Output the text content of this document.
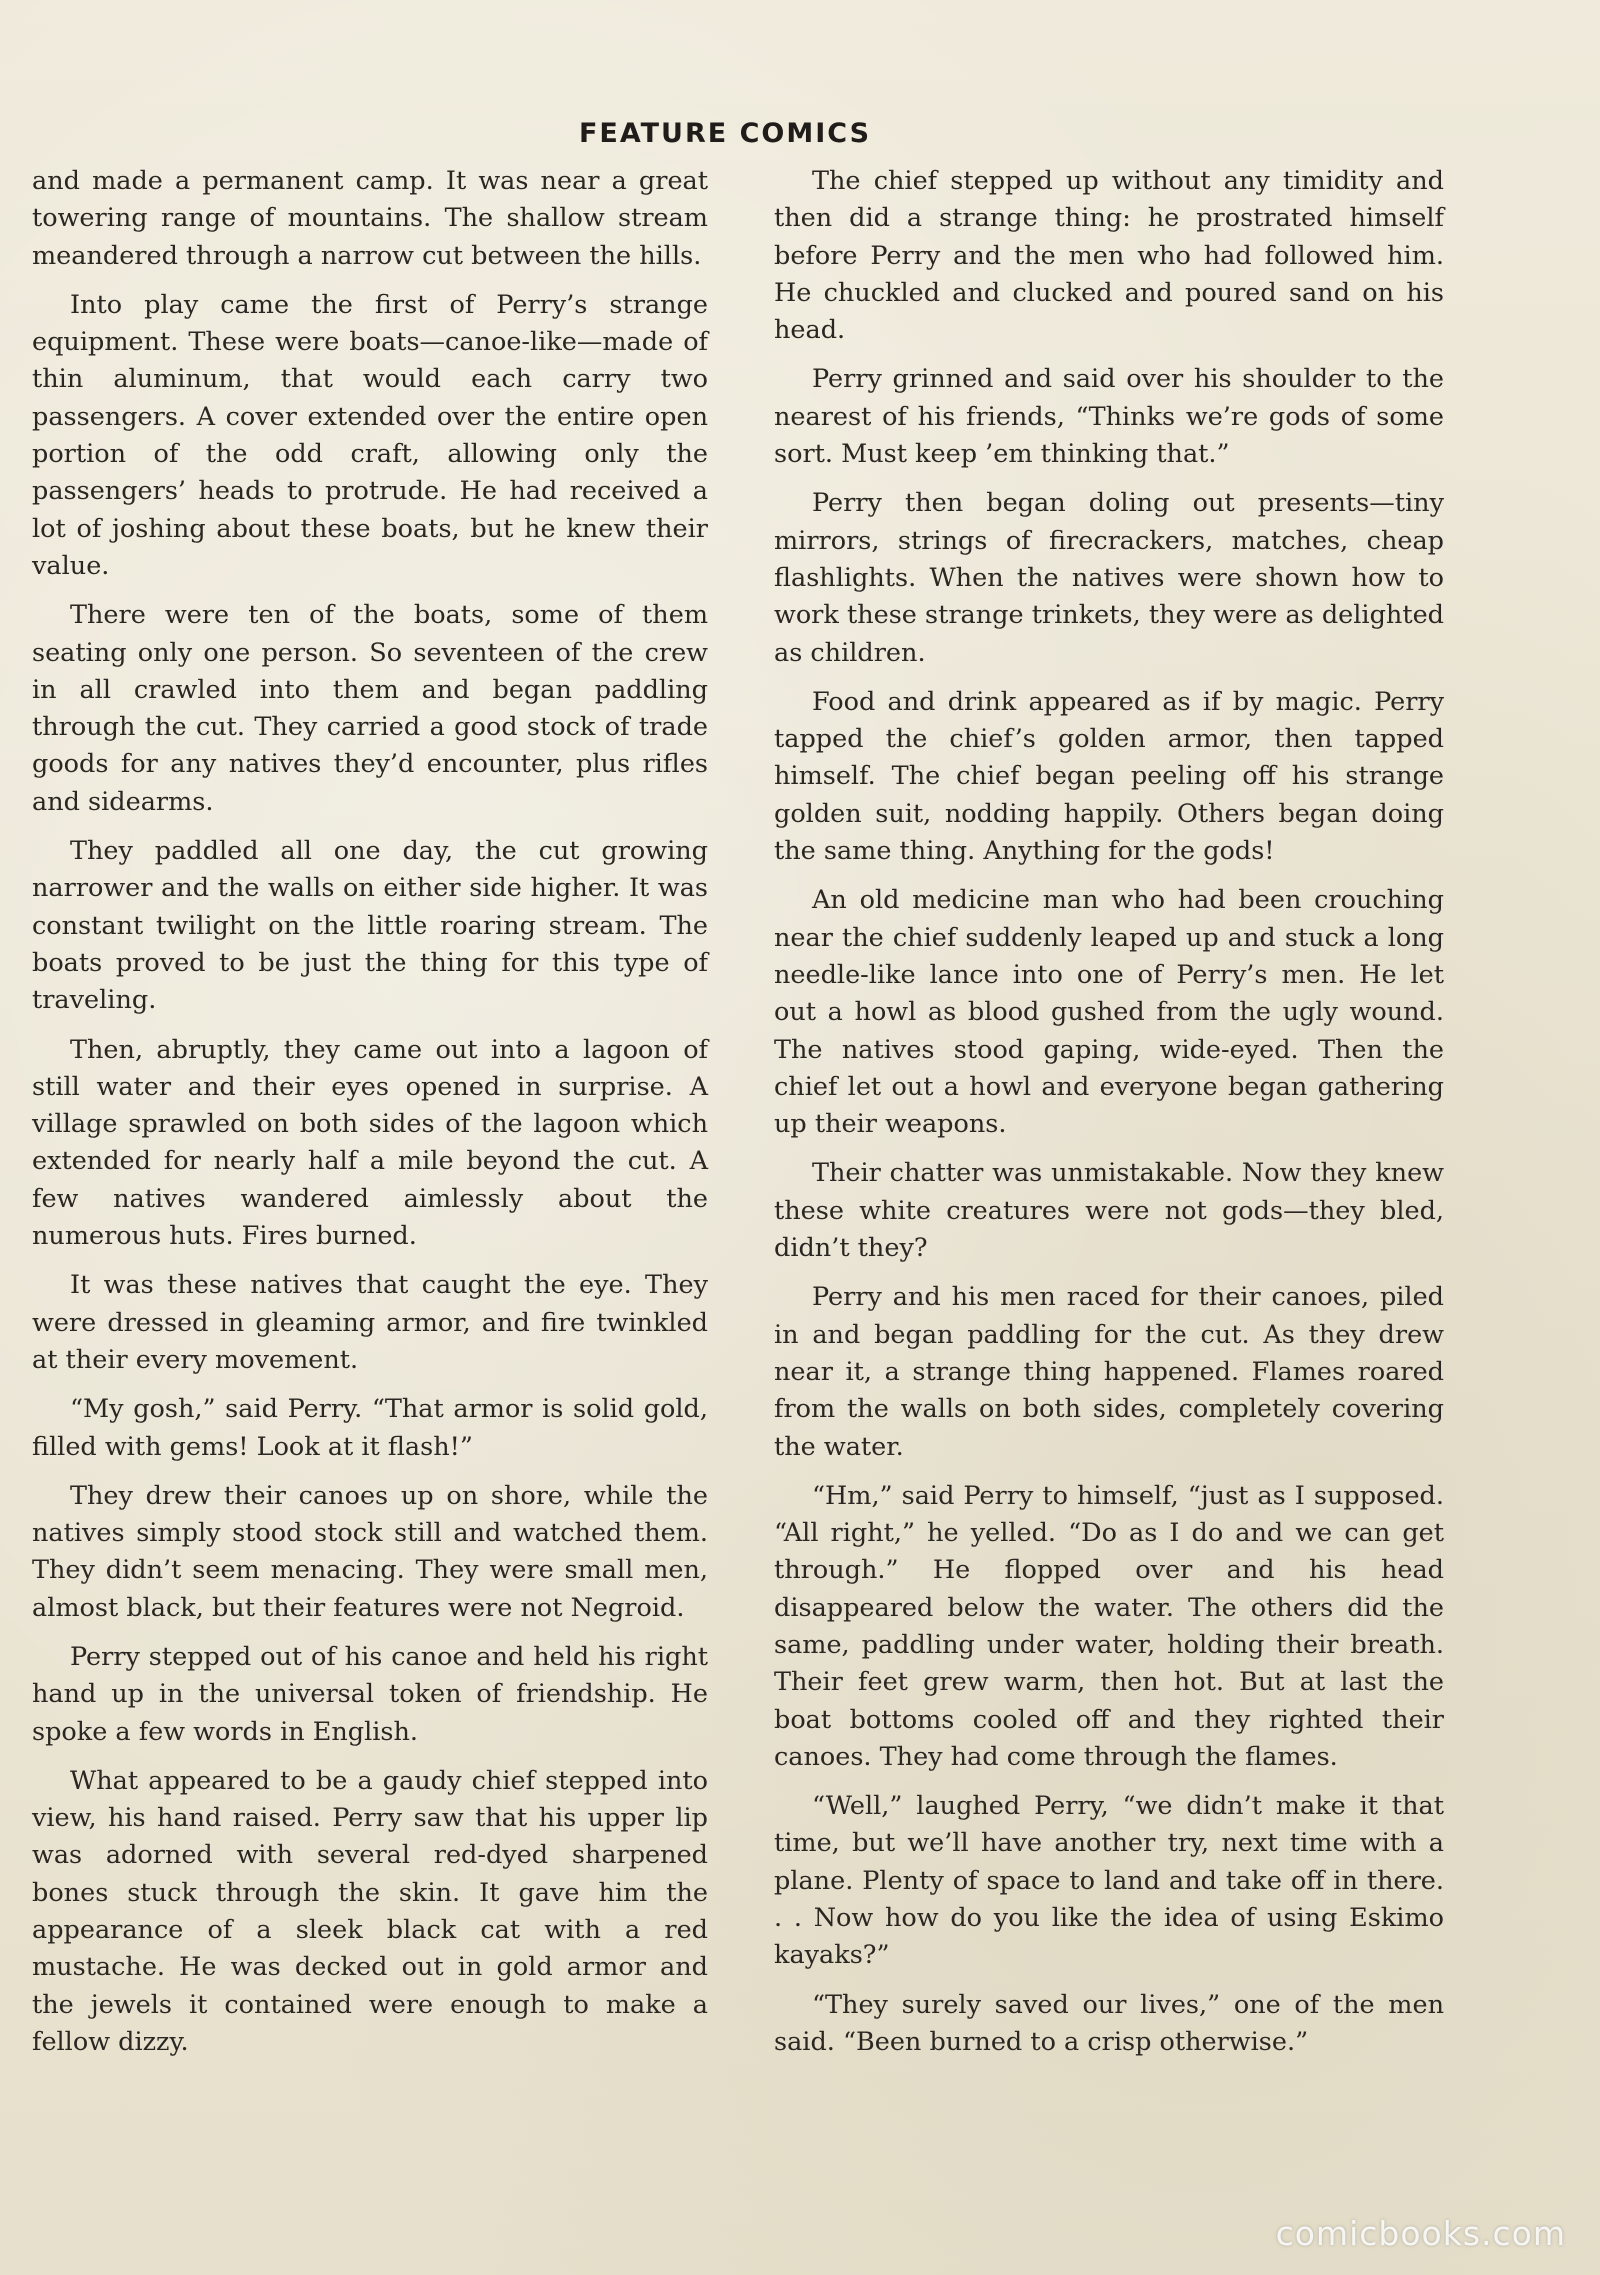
FEATURE COMICS

and made a permanent camp. It was near a great towering range of mountains. The shallow stream meandered through a narrow cut between the hills.

Into play came the first of Perry’s strange equipment. These were boats—canoe-like—made of thin aluminum, that would each carry two passengers. A cover extended over the entire open portion of the odd craft, allowing only the passengers’ heads to protrude. He had received a lot of joshing about these boats, but he knew their value.

There were ten of the boats, some of them seating only one person. So seventeen of the crew in all crawled into them and began paddling through the cut. They carried a good stock of trade goods for any natives they’d encounter, plus rifles and sidearms.

They paddled all one day, the cut growing narrower and the walls on either side higher. It was constant twilight on the little roaring stream. The boats proved to be just the thing for this type of traveling.

Then, abruptly, they came out into a lagoon of still water and their eyes opened in surprise. A village sprawled on both sides of the lagoon which extended for nearly half a mile beyond the cut. A few natives wandered aimlessly about the numerous huts. Fires burned.

It was these natives that caught the eye. They were dressed in gleaming armor, and fire twinkled at their every movement.

“My gosh,” said Perry. “That armor is solid gold, filled with gems! Look at it flash!”

They drew their canoes up on shore, while the natives simply stood stock still and watched them. They didn’t seem menacing. They were small men, almost black, but their features were not Negroid.

Perry stepped out of his canoe and held his right hand up in the universal token of friendship. He spoke a few words in English.

What appeared to be a gaudy chief stepped into view, his hand raised. Perry saw that his upper lip was adorned with several red-dyed sharpened bones stuck through the skin. It gave him the appearance of a sleek black cat with a red mustache. He was decked out in gold armor and the jewels it contained were enough to make a fellow dizzy.

The chief stepped up without any timidity and then did a strange thing: he prostrated himself before Perry and the men who had followed him. He chuckled and clucked and poured sand on his head.

Perry grinned and said over his shoulder to the nearest of his friends, “Thinks we’re gods of some sort. Must keep ’em thinking that.”

Perry then began doling out presents—tiny mirrors, strings of firecrackers, matches, cheap flashlights. When the natives were shown how to work these strange trinkets, they were as delighted as children.

Food and drink appeared as if by magic. Perry tapped the chief’s golden armor, then tapped himself. The chief began peeling off his strange golden suit, nodding happily. Others began doing the same thing. Anything for the gods!

An old medicine man who had been crouching near the chief suddenly leaped up and stuck a long needle-like lance into one of Perry’s men. He let out a howl as blood gushed from the ugly wound. The natives stood gaping, wide-eyed. Then the chief let out a howl and everyone began gathering up their weapons.

Their chatter was unmistakable. Now they knew these white creatures were not gods—they bled, didn’t they?

Perry and his men raced for their canoes, piled in and began paddling for the cut. As they drew near it, a strange thing happened. Flames roared from the walls on both sides, completely covering the water.

“Hm,” said Perry to himself, “just as I supposed. “All right,” he yelled. “Do as I do and we can get through.” He flopped over and his head disappeared below the water. The others did the same, paddling under water, holding their breath. Their feet grew warm, then hot. But at last the boat bottoms cooled off and they righted their canoes. They had come through the flames.

“Well,” laughed Perry, “we didn’t make it that time, but we’ll have another try, next time with a plane. Plenty of space to land and take off in there. . . Now how do you like the idea of using Eskimo kayaks?”

“They surely saved our lives,” one of the men said. “Been burned to a crisp otherwise.”

comicbooks.com
